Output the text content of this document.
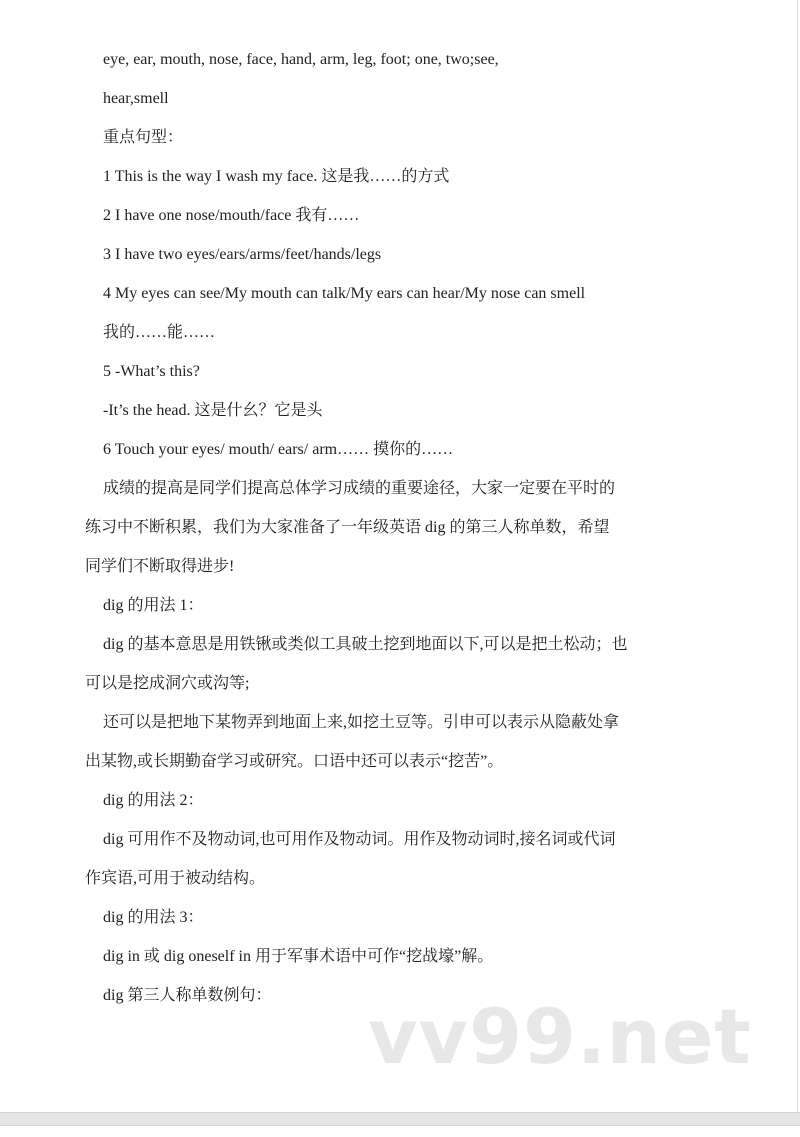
eye, ear, mouth, nose, face, hand, arm, leg, foot; one, two;see,
hear,smell
重点句型：
1 This is the way I wash my face. 这是我……的方式
2 I have one nose/mouth/face 我有……
3 I have two eyes/ears/arms/feet/hands/legs
4 My eyes can see/My mouth can talk/My ears can hear/My nose can smell
我的……能……
5 -What’s this?
-It’s the head. 这是什幺？它是头
6 Touch your eyes/ mouth/ ears/ arm…… 摸你的……
成绩的提高是同学们提高总体学习成绩的重要途径，大家一定要在平时的
练习中不断积累，我们为大家准备了一年级英语 dig 的第三人称单数，希望
同学们不断取得进步!
dig 的用法 1：
dig 的基本意思是用铁锹或类似工具破土挖到地面以下,可以是把土松动；也
可以是挖成洞穴或沟等;
还可以是把地下某物弄到地面上来,如挖土豆等。引申可以表示从隐蔽处拿
出某物,或长期勤奋学习或研究。口语中还可以表示“挖苦”。
dig 的用法 2：
dig 可用作不及物动词,也可用作及物动词。用作及物动词时,接名词或代词
作宾语,可用于被动结构。
dig 的用法 3：
dig in 或 dig oneself in 用于军事术语中可作“挖战壕”解。
dig 第三人称单数例句： vv99.net
